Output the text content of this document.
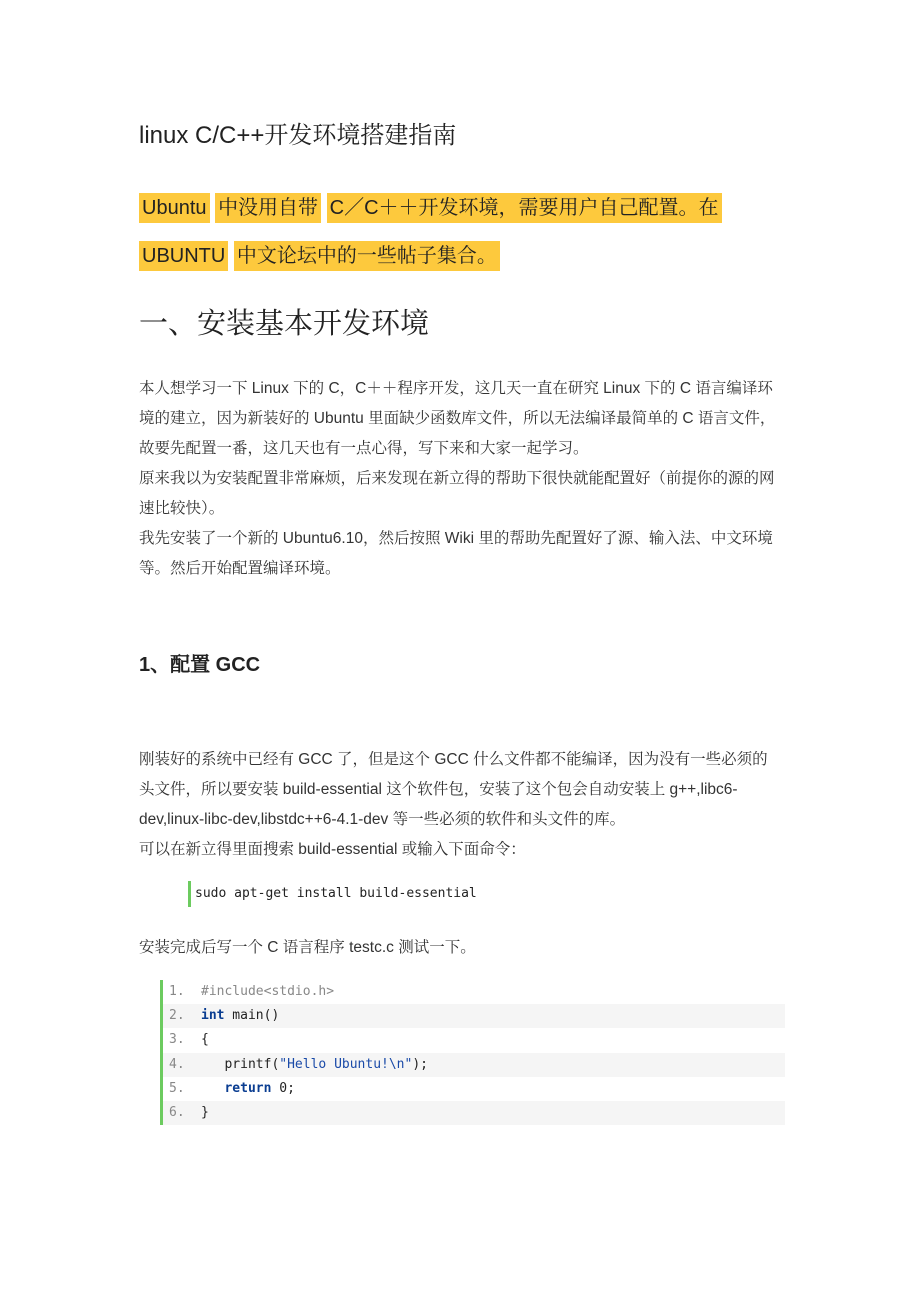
linux C/C++开发环境搭建指南
Ubuntu 中没用自带 C／C＋＋开发环境，需要用户自己配置。在
UBUNTU 中文论坛中的一些帖子集合。
一、安装基本开发环境

本人想学习一下 Linux 下的 C，C＋＋程序开发，这几天一直在研究 Linux 下的 C 语言编译环境的建立，因为新装好的 Ubuntu 里面缺少函数库文件，所以无法编译最简单的 C 语言文件，故要先配置一番，这几天也有一点心得，写下来和大家一起学习。

原来我以为安装配置非常麻烦，后来发现在新立得的帮助下很快就能配置好（前提你的源的网速比较快）。

我先安装了一个新的 Ubuntu6.10，然后按照 Wiki 里的帮助先配置好了源、输入法、中文环境等。然后开始配置编译环境。

1、配置 GCC

刚装好的系统中已经有 GCC 了，但是这个 GCC 什么文件都不能编译，因为没有一些必须的头文件，所以要安装 build-essential 这个软件包，安装了这个包会自动安装上 g++,libc6-dev,linux-libc-dev,libstdc++6-4.1-dev 等一些必须的软件和头文件的库。

可以在新立得里面搜索 build-essential 或输入下面命令：

sudo apt-get install build-essential

安装完成后写一个 C 语言程序 testc.c 测试一下。

1.	#include<stdio.h>
2.	int main()
3.	{
4.	printf("Hello Ubuntu!\n");
5.	return 0;
6.	}
